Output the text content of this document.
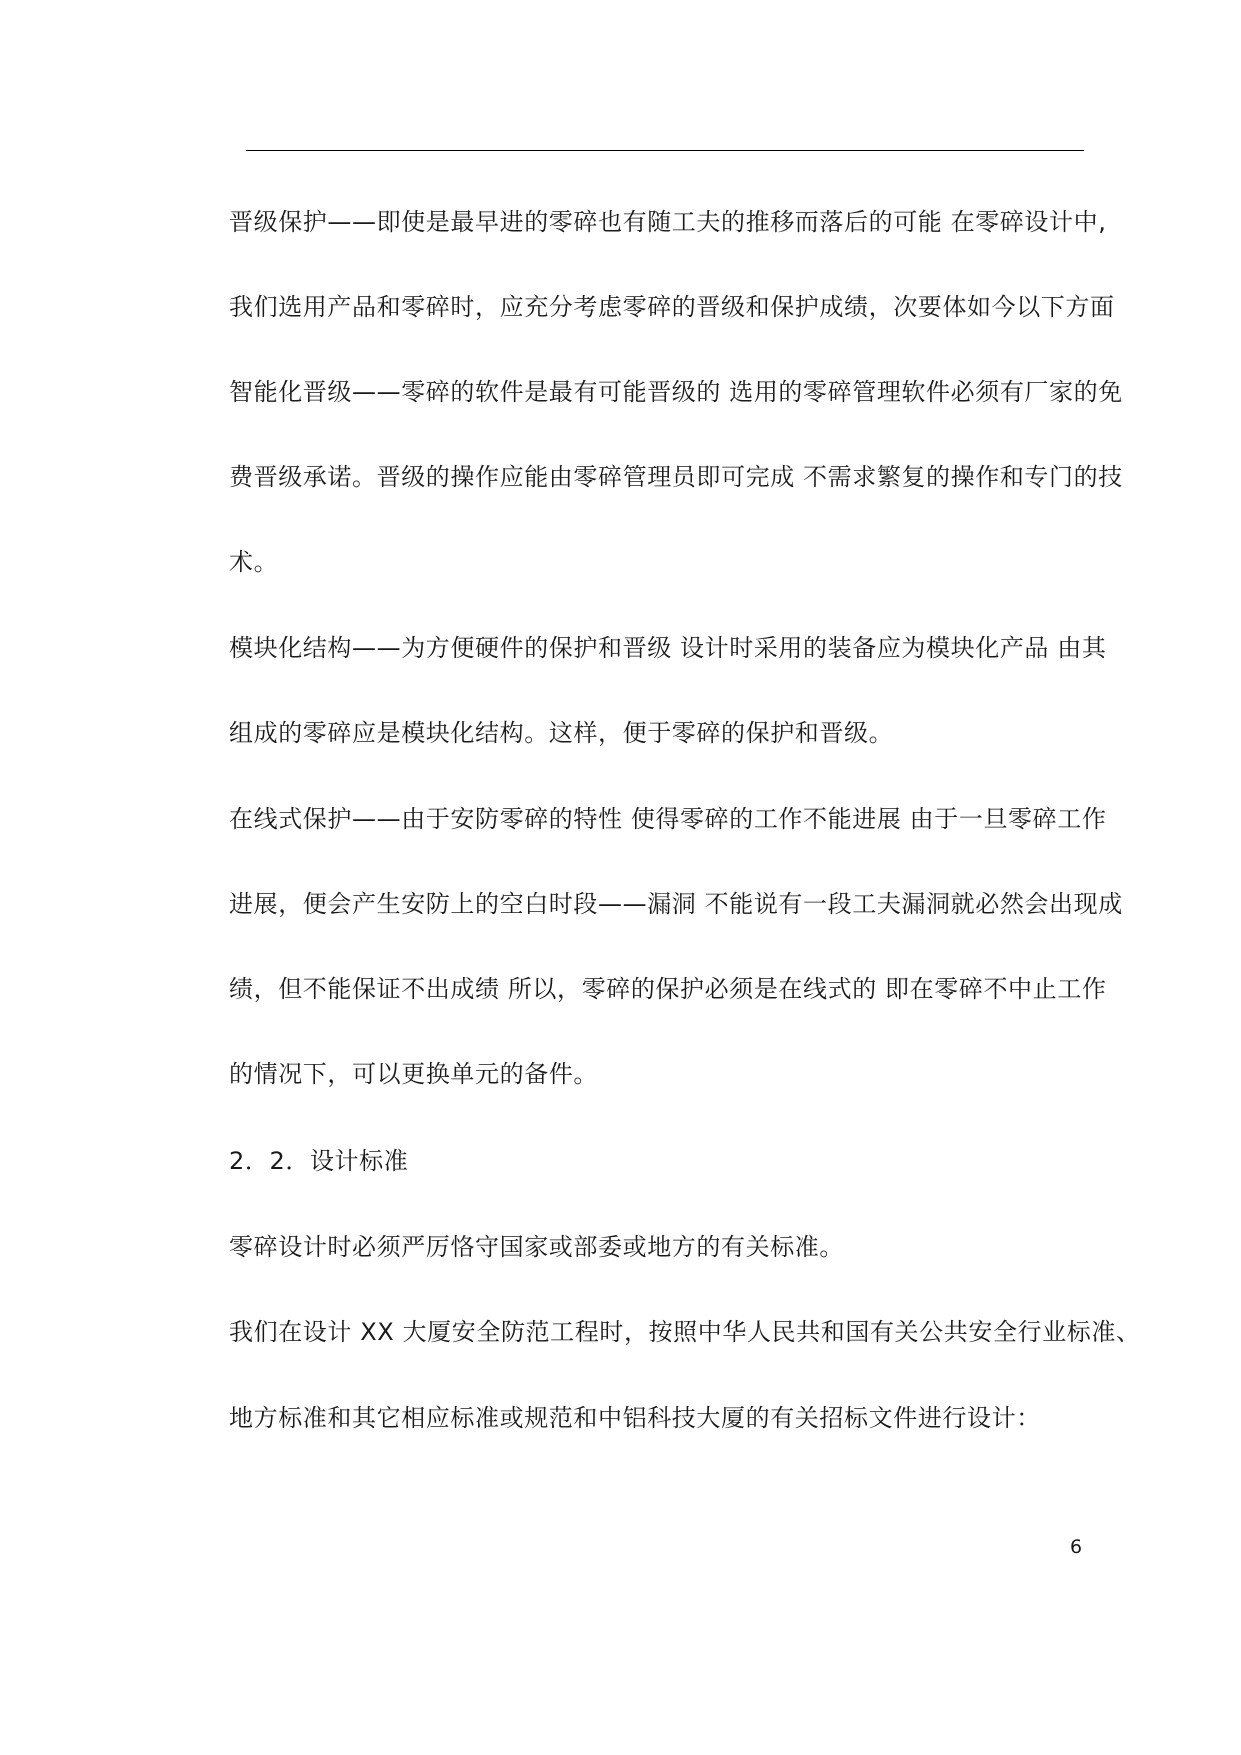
晋级保护——即使是最早进的零碎也有随工夫的推移而落后的可能 在零碎设计中,
我们选用产品和零碎时，应充分考虑零碎的晋级和保护成绩，次要体如今以下方面
智能化晋级——零碎的软件是最有可能晋级的 选用的零碎管理软件必须有厂家的免
费晋级承诺。晋级的操作应能由零碎管理员即可完成 不需求繁复的操作和专门的技
术。
模块化结构——为方便硬件的保护和晋级 设计时采用的装备应为模块化产品 由其
组成的零碎应是模块化结构。这样，便于零碎的保护和晋级。
在线式保护——由于安防零碎的特性 使得零碎的工作不能进展 由于一旦零碎工作
进展，便会产生安防上的空白时段——漏洞 不能说有一段工夫漏洞就必然会出现成
绩，但不能保证不出成绩 所以，零碎的保护必须是在线式的 即在零碎不中止工作
的情况下，可以更换单元的备件。
2．2．设计标准
零碎设计时必须严厉恪守国家或部委或地方的有关标准。
我们在设计 XX 大厦安全防范工程时，按照中华人民共和国有关公共安全行业标准、
地方标准和其它相应标准或规范和中铝科技大厦的有关招标文件进行设计：
6
